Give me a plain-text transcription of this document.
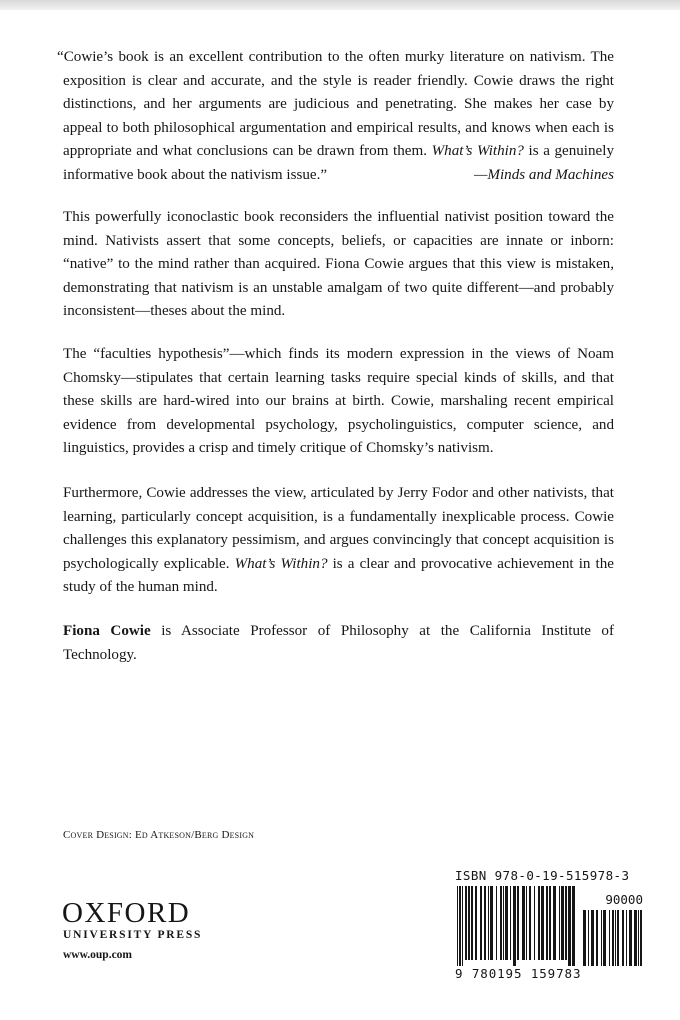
“Cowie’s book is an excellent contribution to the often murky literature on nativism. The exposition is clear and accurate, and the style is reader friendly. Cowie draws the right distinctions, and her arguments are judicious and penetrating. She makes her case by appeal to both philosophical argumentation and empirical results, and knows when each is appropriate and what conclusions can be drawn from them. What’s Within? is a genuinely informative book about the nativism issue.”	—Minds and Machines
This powerfully iconoclastic book reconsiders the influential nativist position toward the mind. Nativists assert that some concepts, beliefs, or capacities are innate or inborn: “native” to the mind rather than acquired. Fiona Cowie argues that this view is mistaken, demonstrating that nativism is an unstable amalgam of two quite different—and probably inconsistent—theses about the mind.
The “faculties hypothesis”—which finds its modern expression in the views of Noam Chomsky—stipulates that certain learning tasks require special kinds of skills, and that these skills are hard-wired into our brains at birth. Cowie, marshaling recent empirical evidence from developmental psychology, psycholinguistics, computer science, and linguistics, provides a crisp and timely critique of Chomsky’s nativism.
Furthermore, Cowie addresses the view, articulated by Jerry Fodor and other nativists, that learning, particularly concept acquisition, is a fundamentally inexplicable process. Cowie challenges this explanatory pessimism, and argues convincingly that concept acquisition is psychologically explicable. What’s Within? is a clear and provocative achievement in the study of the human mind.
Fiona Cowie is Associate Professor of Philosophy at the California Institute of Technology.
Cover Design: Ed Atkeson/Berg Design
OXFORD
UNIVERSITY PRESS
www.oup.com
ISBN 978-0-19-515978-3
90000
9 780195 159783
